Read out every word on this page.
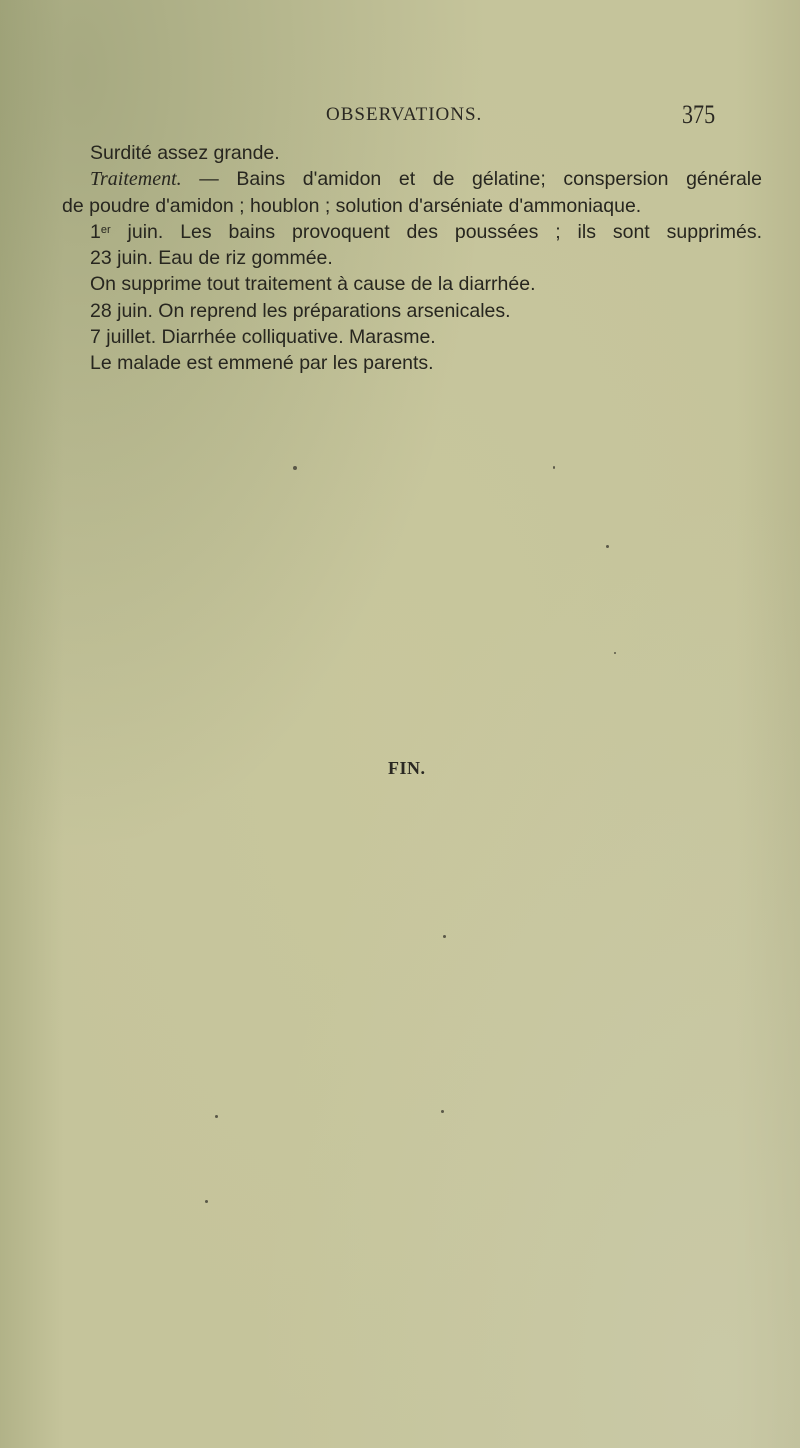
OBSERVATIONS.	375
Surdité assez grande.
Traitement. — Bains d'amidon et de gélatine; conspersion générale
de poudre d'amidon ; houblon ; solution d'arséniate d'ammoniaque.
1er juin. Les bains provoquent des poussées ; ils sont supprimés.
23 juin. Eau de riz gommée.
On supprime tout traitement à cause de la diarrhée.
28 juin. On reprend les préparations arsenicales.
7 juillet. Diarrhée colliquative. Marasme.
Le malade est emmené par les parents.
FIN.
